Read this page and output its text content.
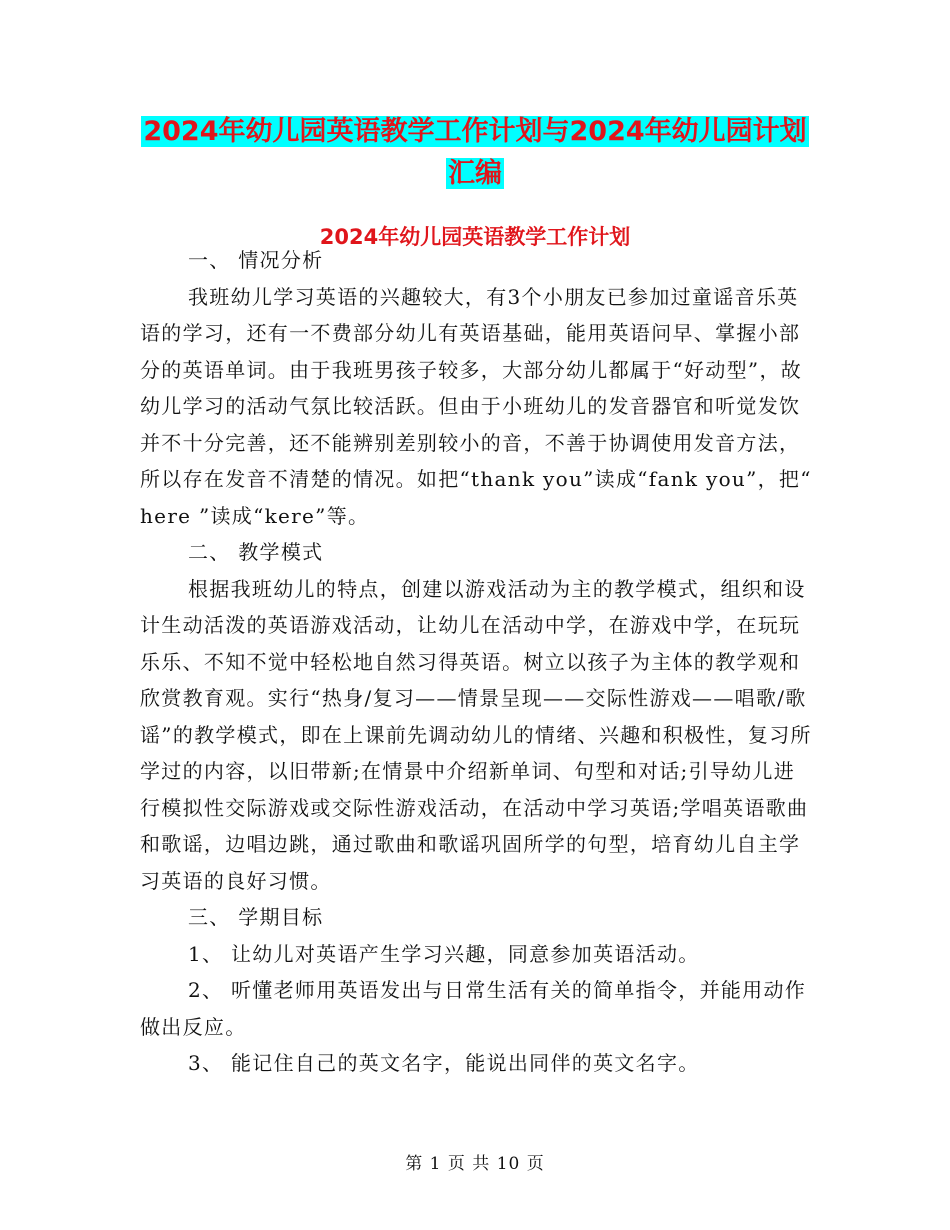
2024年幼儿园英语教学工作计划与2024年幼儿园计划
汇编
2024年幼儿园英语教学工作计划

一、 情况分析

我班幼儿学习英语的兴趣较大，有3个小朋友已参加过童谣音乐英语的学习，还有一不费部分幼儿有英语基础，能用英语问早、掌握小部分的英语单词。由于我班男孩子较多，大部分幼儿都属于“好动型”，故幼儿学习的活动气氛比较活跃。但由于小班幼儿的发音器官和听觉发饮并不十分完善，还不能辨别差别较小的音，不善于协调使用发音方法，所以存在发音不清楚的情况。如把“thank you”读成“fank you”，把“ here ”读成“kere”等。

二、 教学模式

根据我班幼儿的特点，创建以游戏活动为主的教学模式，组织和设计生动活泼的英语游戏活动，让幼儿在活动中学，在游戏中学，在玩玩乐乐、不知不觉中轻松地自然习得英语。树立以孩子为主体的教学观和欣赏教育观。实行“热身/复习——情景呈现——交际性游戏——唱歌/歌谣”的教学模式，即在上课前先调动幼儿的情绪、兴趣和积极性，复习所学过的内容，以旧带新;在情景中介绍新单词、句型和对话;引导幼儿进行模拟性交际游戏或交际性游戏活动，在活动中学习英语;学唱英语歌曲和歌谣，边唱边跳，通过歌曲和歌谣巩固所学的句型，培育幼儿自主学习英语的良好习惯。

三、 学期目标

1、 让幼儿对英语产生学习兴趣，同意参加英语活动。

2、 听懂老师用英语发出与日常生活有关的简单指令，并能用动作做出反应。

3、 能记住自己的英文名字，能说出同伴的英文名字。

第 1 页 共 10 页
